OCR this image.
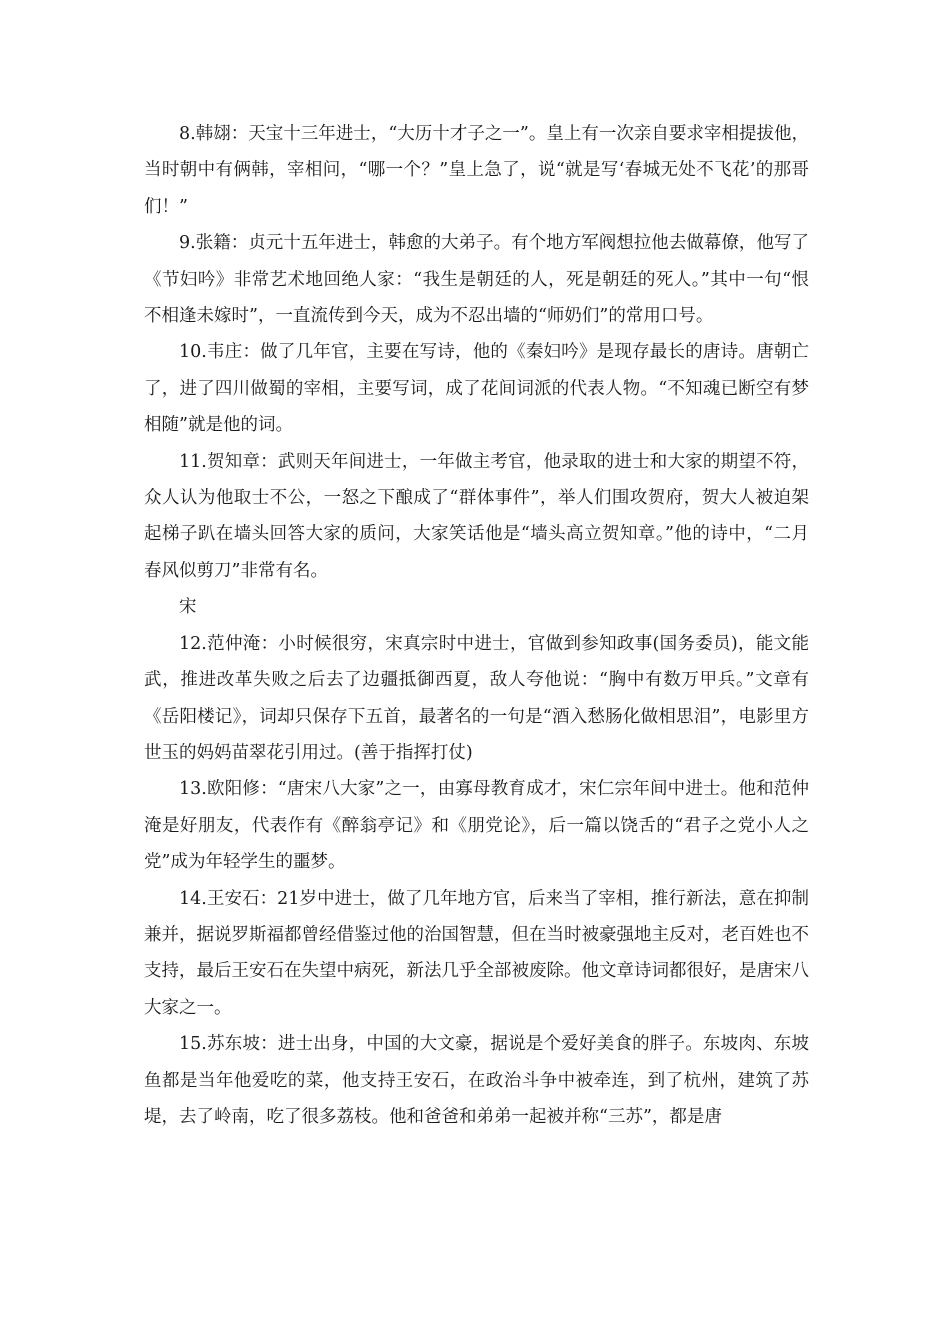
8.韩翃：天宝十三年进士，“大历十才子之一”。皇上有一次亲自要求宰相提拔他，当时朝中有俩韩，宰相问，“哪一个？”皇上急了，说“就是写‘春城无处不飞花’的那哥们！”

9.张籍：贞元十五年进士，韩愈的大弟子。有个地方军阀想拉他去做幕僚，他写了《节妇吟》非常艺术地回绝人家：“我生是朝廷的人，死是朝廷的死人。”其中一句“恨不相逢未嫁时”，一直流传到今天，成为不忍出墙的“师奶们”的常用口号。

10.韦庄：做了几年官，主要在写诗，他的《秦妇吟》是现存最长的唐诗。唐朝亡了，进了四川做蜀的宰相，主要写词，成了花间词派的代表人物。“不知魂已断空有梦相随”就是他的词。

11.贺知章：武则天年间进士，一年做主考官，他录取的进士和大家的期望不符，众人认为他取士不公，一怒之下酿成了“群体事件”，举人们围攻贺府，贺大人被迫架起梯子趴在墙头回答大家的质问，大家笑话他是“墙头高立贺知章。”他的诗中，“二月春风似剪刀”非常有名。

宋

12.范仲淹：小时候很穷，宋真宗时中进士，官做到参知政事(国务委员)，能文能武，推进改革失败之后去了边疆抵御西夏，敌人夸他说：“胸中有数万甲兵。”文章有《岳阳楼记》，词却只保存下五首，最著名的一句是“酒入愁肠化做相思泪”，电影里方世玉的妈妈苗翠花引用过。(善于指挥打仗)

13.欧阳修：“唐宋八大家”之一，由寡母教育成才，宋仁宗年间中进士。他和范仲淹是好朋友，代表作有《醉翁亭记》和《朋党论》，后一篇以饶舌的“君子之党小人之党”成为年轻学生的噩梦。

14.王安石：21岁中进士，做了几年地方官，后来当了宰相，推行新法，意在抑制兼并，据说罗斯福都曾经借鉴过他的治国智慧，但在当时被豪强地主反对，老百姓也不支持，最后王安石在失望中病死，新法几乎全部被废除。他文章诗词都很好，是唐宋八大家之一。

15.苏东坡：进士出身，中国的大文豪，据说是个爱好美食的胖子。东坡肉、东坡鱼都是当年他爱吃的菜，他支持王安石，在政治斗争中被牵连，到了杭州，建筑了苏堤，去了岭南，吃了很多荔枝。他和爸爸和弟弟一起被并称“三苏”，都是唐
